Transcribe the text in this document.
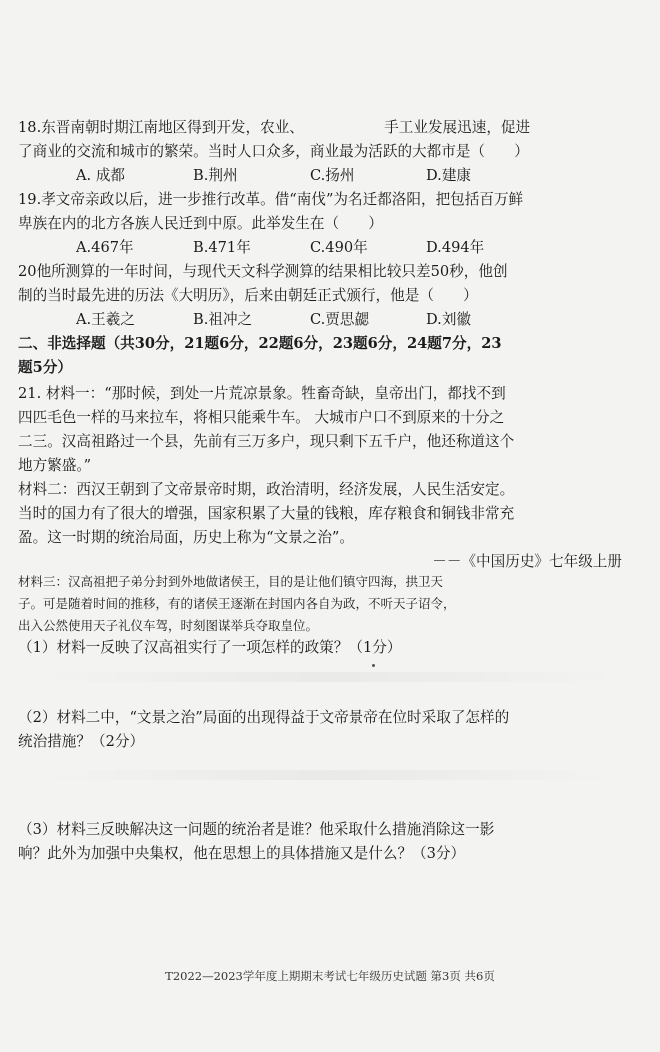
18.东晋南朝时期江南地区得到开发，农业、　　　　　　手工业发展迅速，促进
了商业的交流和城市的繁荣。当时人口众多，商业最为活跃的大都市是（　　）
A. 成都	B.荆州	C.扬州	D.建康
19.孝文帝亲政以后，进一步推行改革。借“南伐”为名迁都洛阳，把包括百万鲜
卑族在内的北方各族人民迁到中原。此举发生在（　　）
A.467年	B.471年	C.490年	D.494年
20他所测算的一年时间，与现代天文科学测算的结果相比较只差50秒，他创
制的当时最先进的历法《大明历》，后来由朝廷正式颁行，他是（　　）
A.王羲之	B.祖冲之	C.贾思勰	D.刘徽
二、非选择题（共30分，21题6分，22题6分，23题6分，24题7分，23
题5分）
21. 材料一：“那时候，到处一片荒凉景象。牲畜奇缺，皇帝出门，都找不到
四匹毛色一样的马来拉车，将相只能乘牛车。 大城市户口不到原来的十分之
二三。汉高祖路过一个县，先前有三万多户，现只剩下五千户，他还称道这个
地方繁盛。”
材料二：西汉王朝到了文帝景帝时期，政治清明，经济发展，人民生活安定。
当时的国力有了很大的增强，国家积累了大量的钱粮，库存粮食和铜钱非常充
盈。这一时期的统治局面，历史上称为“文景之治”。
－－《中国历史》七年级上册
材料三：汉高祖把子弟分封到外地做诸侯王，目的是让他们镇守四海，拱卫天
子。可是随着时间的推移，有的诸侯王逐渐在封国内各自为政，不听天子诏令，
出入公然使用天子礼仪车驾，时刻图谋举兵夺取皇位。
（1）材料一反映了汉高祖实行了一项怎样的政策？（1分）
（2）材料二中，“文景之治”局面的出现得益于文帝景帝在位时采取了怎样的
统治措施？（2分）
（3）材料三反映解决这一问题的统治者是谁？他采取什么措施消除这一影
响？此外为加强中央集权，他在思想上的具体措施又是什么？（3分）
T2022—2023学年度上期期末考试七年级历史试题 第3页 共6页
